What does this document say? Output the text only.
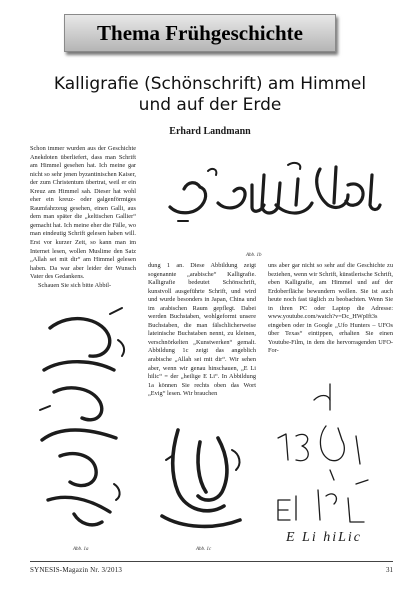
Thema Frühgeschichte
Kalligrafie (Schönschrift) am Himmel
und auf der Erde
Erhard Landmann

Schon immer wurden aus der Geschichte Anekdoten überliefert, dass man Schrift am Himmel gesehen hat. Ich meine gar nicht so sehr jenen byzantinischen Kaiser, der zum Christentum übertrat, weil er ein Kreuz am Himmel sah. Dieser hat wohl eher ein kreuz- oder galgenförmiges Raumfahrzeug gesehen, einen Galli, aus dem man später die „keltischen Gallier“ gemacht hat. Ich meine eher die Fälle, wo man eindeutig Schrift gelesen haben will. Erst vor kurzer Zeit, so kann man im Internet lesen, wollen Muslime den Satz „Allah sei mit dir“ am Himmel gelesen haben. Da war aber leider der Wunsch Vater des Gedankens.

Schauen Sie sich bitte Abbil-

Abb. 1b
Abb. 1a

dung 1 an. Diese Abbildung zeigt sogenannte „arabische“ Kalligrafie. Kalligrafie bedeutet Schönschrift, kunstvoll ausgeführte Schrift, und wird und wurde besonders in Japan, China und im arabischen Raum gepflegt. Dabei werden Buchstaben, wohlgeformt unsere Buchstaben, die man fälschlicherweise lateinische Buchstaben nennt, zu kleinen, verschnörkelten „Kunstwerken“ gemalt. Abbildung 1c zeigt das angeblich arabische „Allah sei mit dir“. Wir sehen aber, wenn wir genau hinschauen, „E Li hilic“ = der „heilige E Li“. In Abbildung 1a können Sie rechts oben das Wort „Evig“ lesen. Wir brauchen

Abb. 1c

uns aber gar nicht so sehr auf die Geschichte zu beziehen, wenn wir Schrift, künstlerische Schrift, eben Kalligrafie, am Himmel und auf der Erdoberfläche bewundern wollen. Sie ist auch heute noch fast täglich zu beobachten. Wenn Sie in ihren PC oder Laptop die Adresse: www.youtube.com/watch?v=Dc_HWpIft3s eingeben oder in Google „Ufo Hunters – UFOs über Texas“ eintippen, erhalten Sie einen Youtube-Film, in dem die hervorragenden UFO-For-

E Li hiLic
SYNESIS-Magazin Nr. 3/2013	31
